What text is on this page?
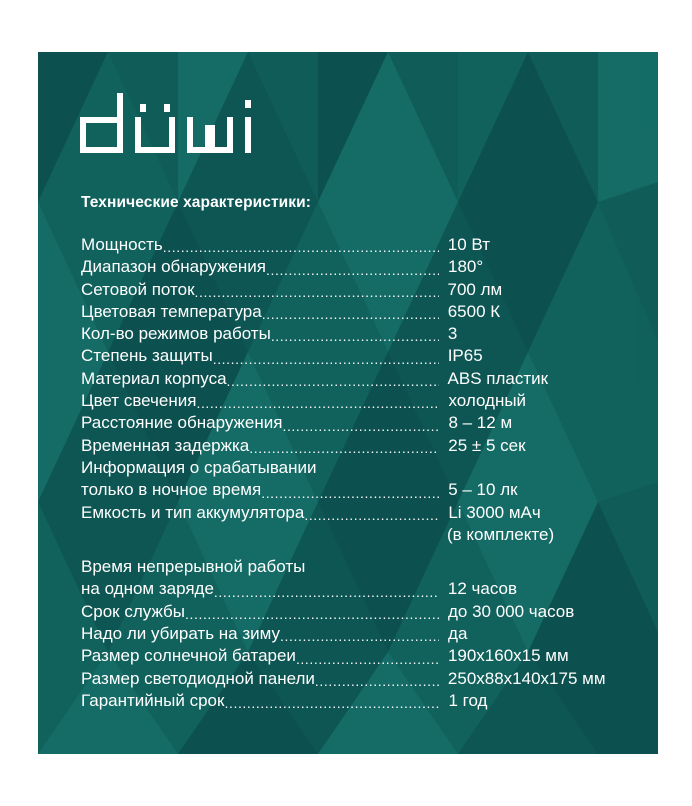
Технические характеристики:
Мощность .....	10 Вт
Диапазон обнаружения .....	180°
Сетовой поток .....	700 лм
Цветовая температура .....	6500 К
Кол-во режимов работы .....	3
Степень защиты .....	IP65
Материал корпуса .....	ABS пластик
Цвет свечения .....	холодный
Расстояние обнаружения .....	8 – 12 м
Временная задержка .....	25 ± 5 сек
Информация о срабатывании
только в ночное время .....	5 – 10 лк
Емкость и тип аккумулятора .....	Li 3000 мАч
(в комплекте)
Время непрерывной работы
на одном заряде .....	12 часов
Срок службы .....	до 30 000 часов
Надо ли убирать на зиму .....	да
Размер солнечной батареи .....	190х160х15 мм
Размер светодиодной панели .....	250х88х140х175 мм
Гарантийный срок .....	1 год
